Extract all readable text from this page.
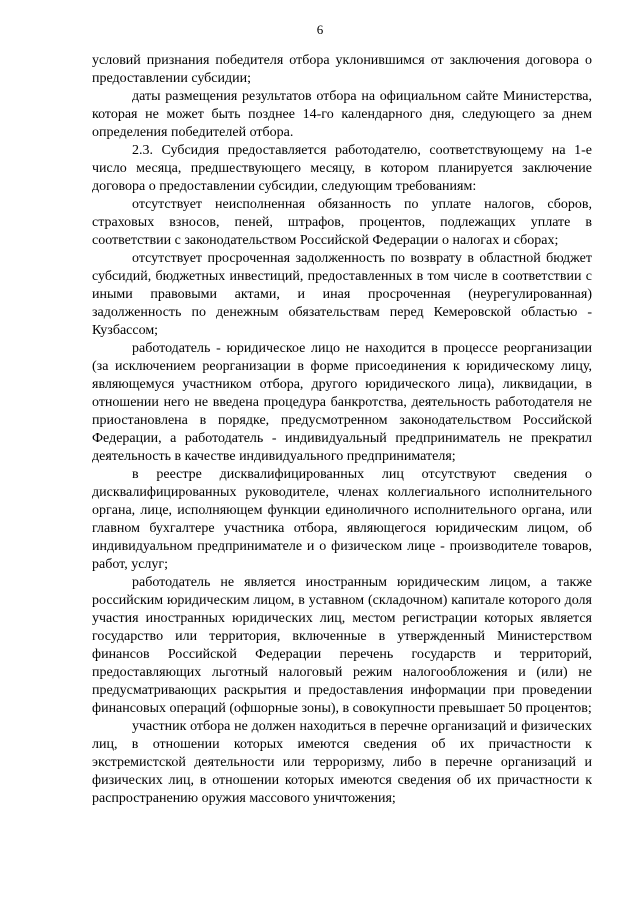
6

условий признания победителя отбора уклонившимся от заключения договора о предоставлении субсидии;

даты размещения результатов отбора на официальном сайте Министерства, которая не может быть позднее 14-го календарного дня, следующего за днем определения победителей отбора.

2.3. Субсидия предоставляется работодателю, соответствующему на 1-е число месяца, предшествующего месяцу, в котором планируется заключение договора о предоставлении субсидии, следующим требованиям:

отсутствует неисполненная обязанность по уплате налогов, сборов, страховых взносов, пеней, штрафов, процентов, подлежащих уплате в соответствии с законодательством Российской Федерации о налогах и сборах;

отсутствует просроченная задолженность по возврату в областной бюджет субсидий, бюджетных инвестиций, предоставленных в том числе в соответствии с иными правовыми актами, и иная просроченная (неурегулированная) задолженность по денежным обязательствам перед Кемеровской областью - Кузбассом;

работодатель - юридическое лицо не находится в процессе реорганизации (за исключением реорганизации в форме присоединения к юридическому лицу, являющемуся участником отбора, другого юридического лица), ликвидации, в отношении него не введена процедура банкротства, деятельность работодателя не приостановлена в порядке, предусмотренном законодательством Российской Федерации, а работодатель - индивидуальный предприниматель не прекратил деятельность в качестве индивидуального предпринимателя;

в реестре дисквалифицированных лиц отсутствуют сведения о дисквалифицированных руководителе, членах коллегиального исполнительного органа, лице, исполняющем функции единоличного исполнительного органа, или главном бухгалтере участника отбора, являющегося юридическим лицом, об индивидуальном предпринимателе и о физическом лице - производителе товаров, работ, услуг;

работодатель не является иностранным юридическим лицом, а также российским юридическим лицом, в уставном (складочном) капитале которого доля участия иностранных юридических лиц, местом регистрации которых является государство или территория, включенные в утвержденный Министерством финансов Российской Федерации перечень государств и территорий, предоставляющих льготный налоговый режим налогообложения и (или) не предусматривающих раскрытия и предоставления информации при проведении финансовых операций (офшорные зоны), в совокупности превышает 50 процентов;

участник отбора не должен находиться в перечне организаций и физических лиц, в отношении которых имеются сведения об их причастности к экстремистской деятельности или терроризму, либо в перечне организаций и физических лиц, в отношении которых имеются сведения об их причастности к распространению оружия массового уничтожения;
